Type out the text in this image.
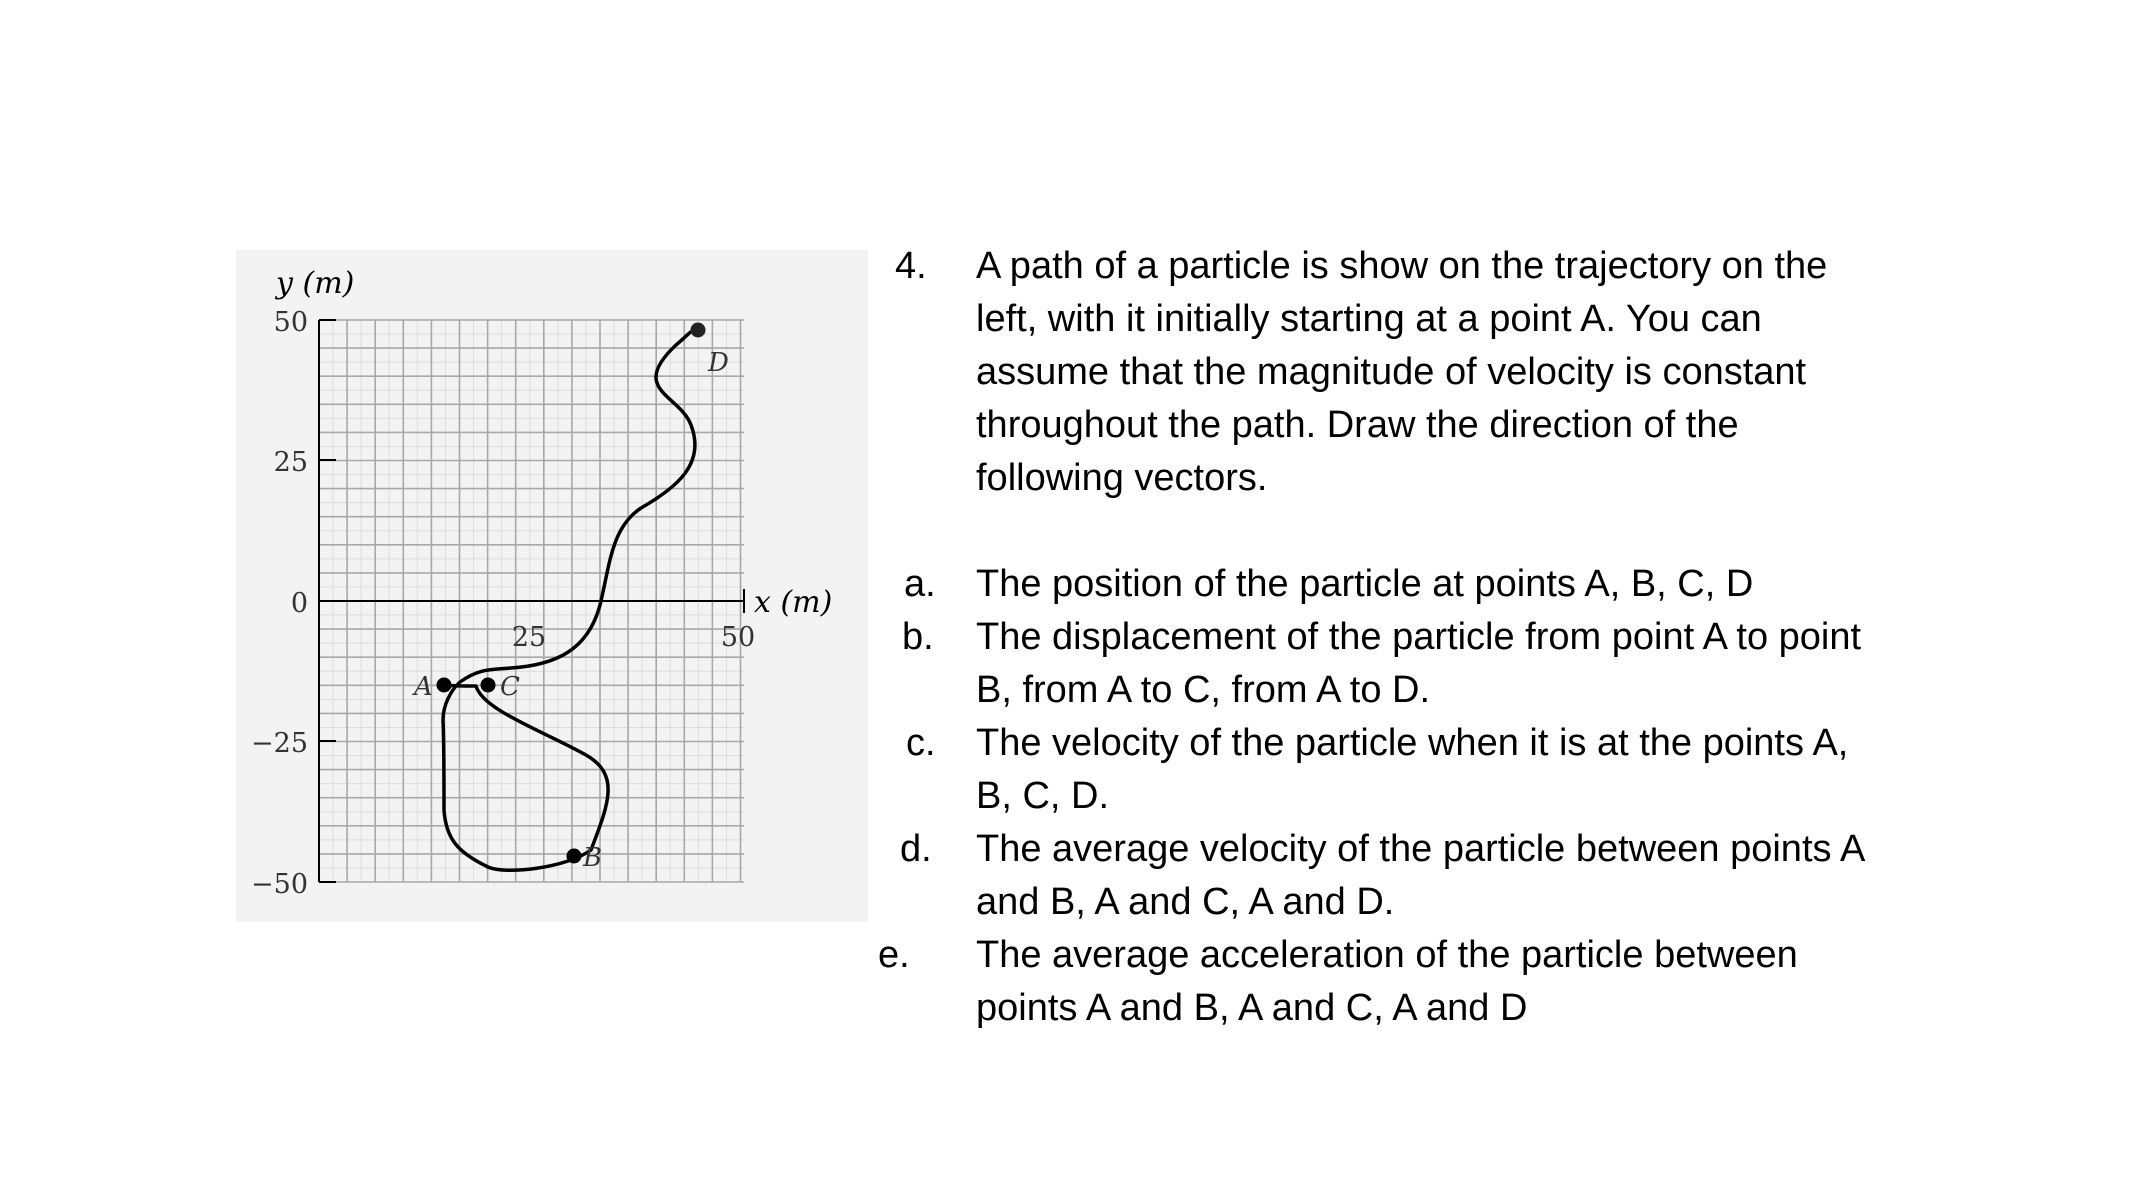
y (m)
x (m)
50
25
0
−25
−50
25	50
A	C
B
D
4. A path of a particle is show on the trajectory on the
left, with it initially starting at a point A. You can
assume that the magnitude of velocity is constant
throughout the path. Draw the direction of the
following vectors.
a. The position of the particle at points A, B, C, D
b. The displacement of the particle from point A to point
B, from A to C, from A to D.
c. The velocity of the particle when it is at the points A,
B, C, D.
d. The average velocity of the particle between points A
and B, A and C, A and D.
e. The average acceleration of the particle between
points A and B, A and C, A and D
